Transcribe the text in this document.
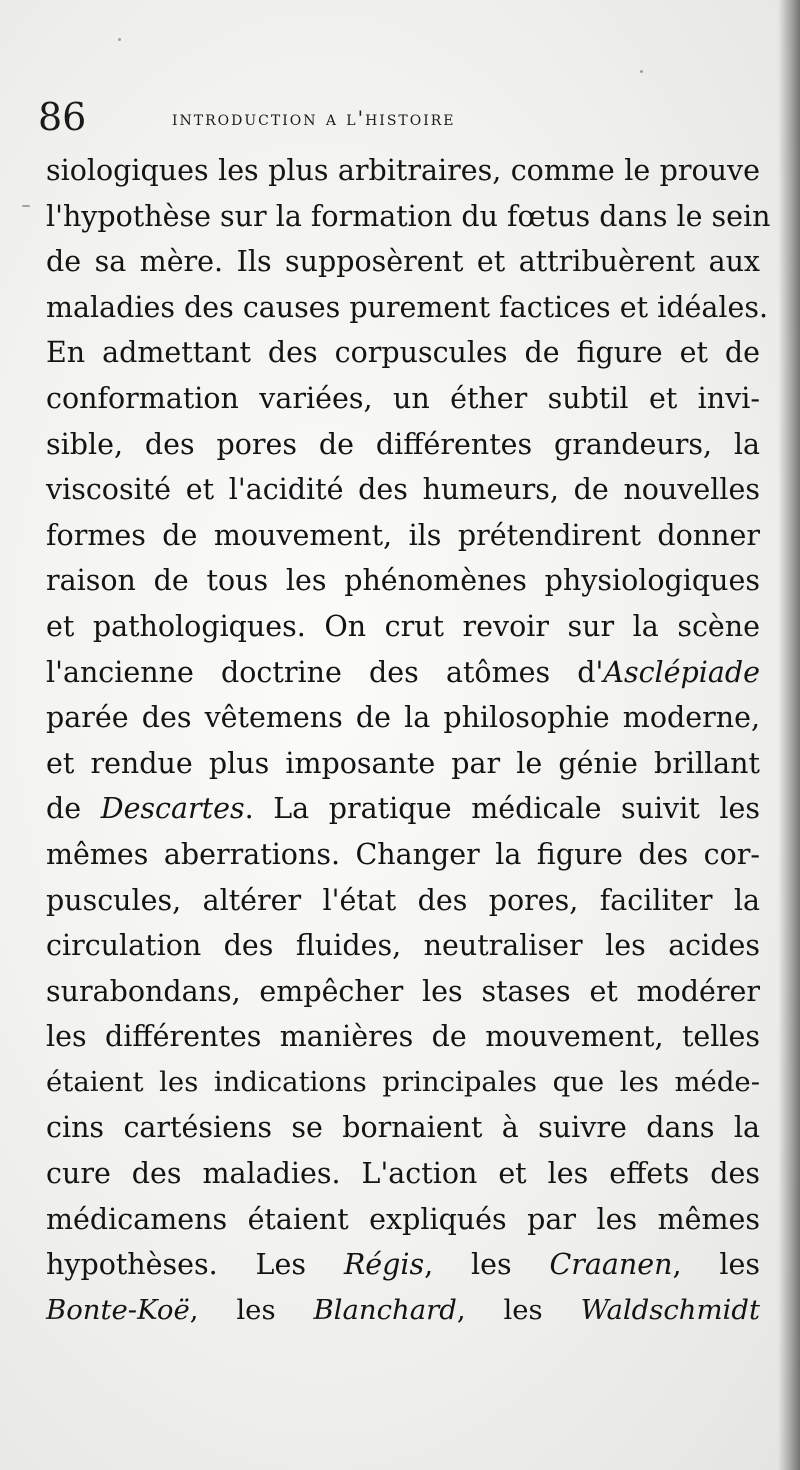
86	introduction a l'histoire
siologiques les plus arbitraires, comme le prouve
l'hypothèse sur la formation du fœtus dans le sein
de sa mère. Ils supposèrent et attribuèrent aux
maladies des causes purement factices et idéales.
En admettant des corpuscules de figure et de
conformation variées, un éther subtil et invi-
sible, des pores de différentes grandeurs, la
viscosité et l'acidité des humeurs, de nouvelles
formes de mouvement, ils prétendirent donner
raison de tous les phénomènes physiologiques
et pathologiques. On crut revoir sur la scène
l'ancienne doctrine des atômes d'Asclépiade
parée des vêtemens de la philosophie moderne,
et rendue plus imposante par le génie brillant
de Descartes. La pratique médicale suivit les
mêmes aberrations. Changer la figure des cor-
puscules, altérer l'état des pores, faciliter la
circulation des fluides, neutraliser les acides
surabondans, empêcher les stases et modérer
les différentes manières de mouvement, telles
étaient les indications principales que les méde-
cins cartésiens se bornaient à suivre dans la
cure des maladies. L'action et les effets des
médicamens étaient expliqués par les mêmes
hypothèses. Les Régis, les Craanen, les
Bonte-Koë, les Blanchard, les Waldschmidt
